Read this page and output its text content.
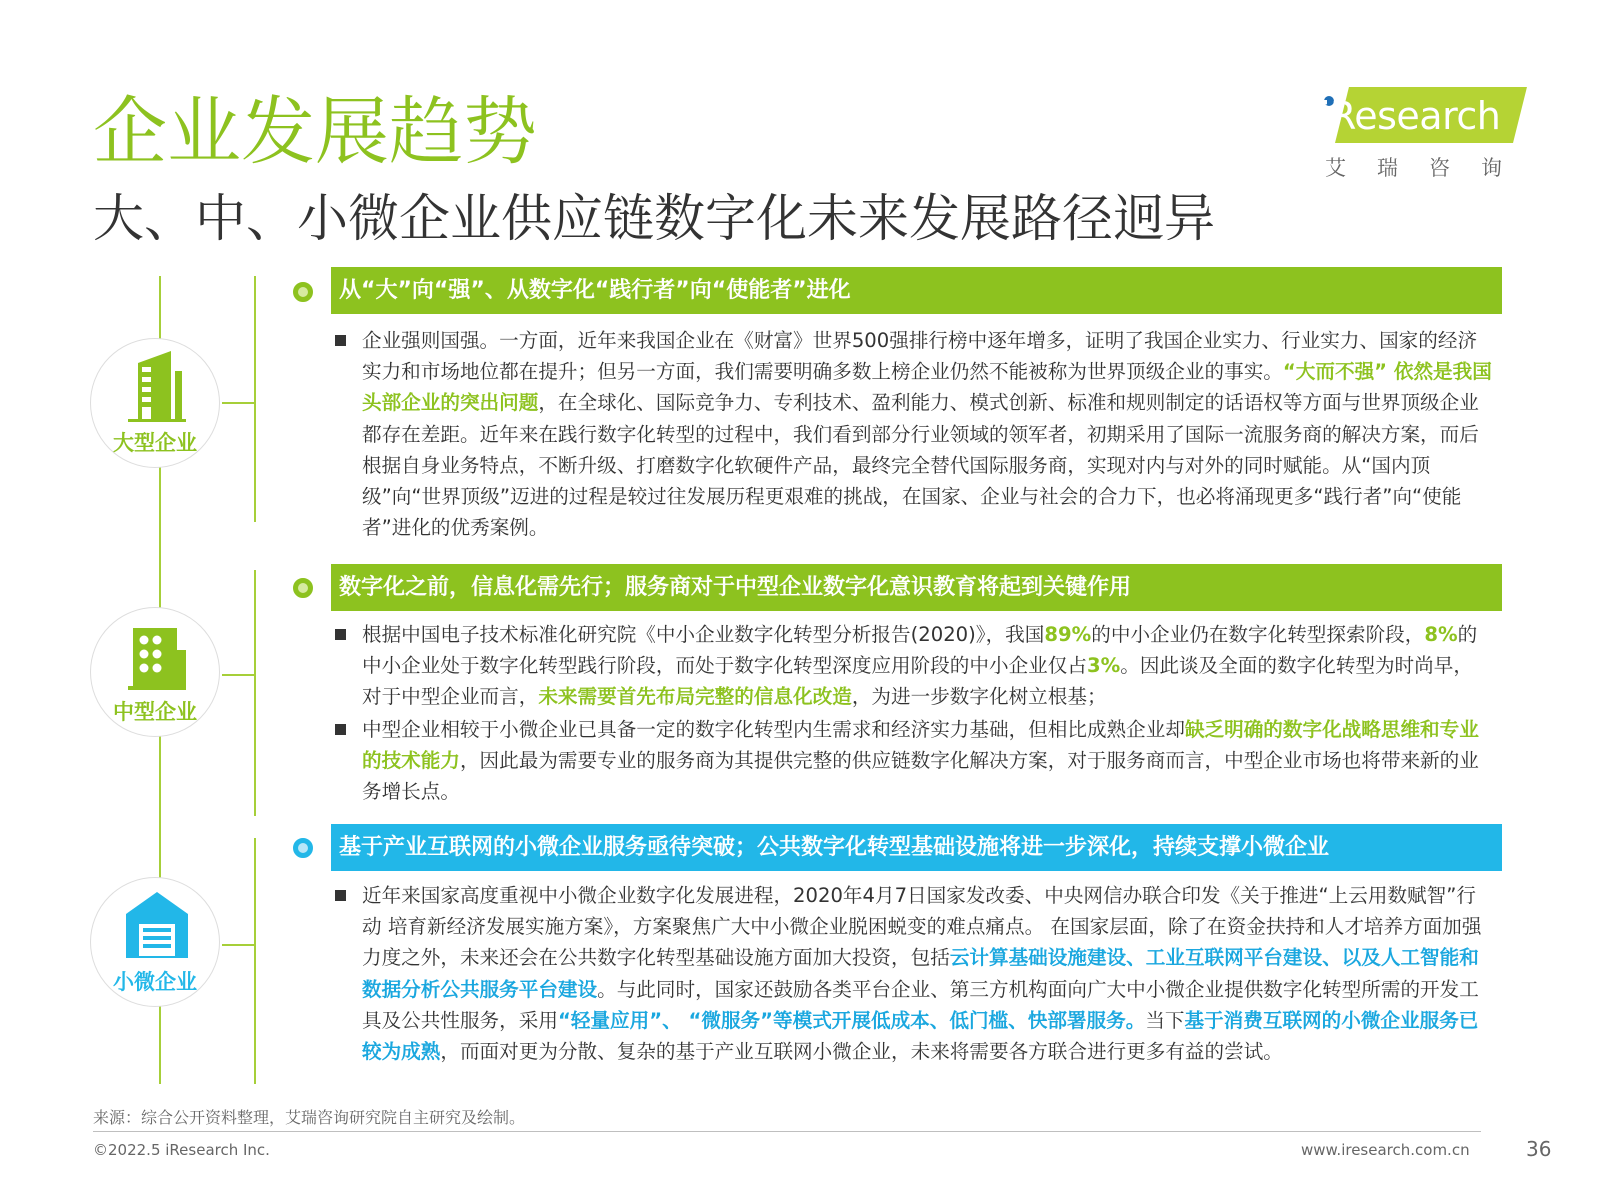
企业发展趋势
大、中、小微企业供应链数字化未来发展路径迥异
iResearch
艾瑞咨询
大型企业
中型企业
小微企业
从“大”向“强”、从数字化“践行者”向“使能者”进化

企业强则国强。一方面，近年来我国企业在《财富》世界500强排行榜中逐年增多，证明了我国企业实力、行业实力、国家的经济实力和市场地位都在提升；但另一方面，我们需要明确多数上榜企业仍然不能被称为世界顶级企业的事实。“大而不强” 依然是我国头部企业的突出问题，在全球化、国际竞争力、专利技术、盈利能力、模式创新、标准和规则制定的话语权等方面与世界顶级企业都存在差距。近年来在践行数字化转型的过程中，我们看到部分行业领域的领军者，初期采用了国际一流服务商的解决方案，而后根据自身业务特点，不断升级、打磨数字化软硬件产品，最终完全替代国际服务商，实现对内与对外的同时赋能。从“国内顶级”向“世界顶级”迈进的过程是较过往发展历程更艰难的挑战，在国家、企业与社会的合力下，也必将涌现更多“践行者”向“使能者”进化的优秀案例。

数字化之前，信息化需先行；服务商对于中型企业数字化意识教育将起到关键作用

根据中国电子技术标准化研究院《中小企业数字化转型分析报告(2020)》，我国89%的中小企业仍在数字化转型探索阶段，8%的中小企业处于数字化转型践行阶段，而处于数字化转型深度应用阶段的中小企业仅占3%。因此谈及全面的数字化转型为时尚早，对于中型企业而言，未来需要首先布局完整的信息化改造，为进一步数字化树立根基；

中型企业相较于小微企业已具备一定的数字化转型内生需求和经济实力基础，但相比成熟企业却缺乏明确的数字化战略思维和专业的技术能力，因此最为需要专业的服务商为其提供完整的供应链数字化解决方案，对于服务商而言，中型企业市场也将带来新的业务增长点。

基于产业互联网的小微企业服务亟待突破；公共数字化转型基础设施将进一步深化，持续支撑小微企业

近年来国家高度重视中小微企业数字化发展进程，2020年4月7日国家发改委、中央网信办联合印发《关于推进“上云用数赋智”行动 培育新经济发展实施方案》，方案聚焦广大中小微企业脱困蜕变的难点痛点。 在国家层面，除了在资金扶持和人才培养方面加强力度之外，未来还会在公共数字化转型基础设施方面加大投资，包括云计算基础设施建设、工业互联网平台建设、以及人工智能和数据分析公共服务平台建设。与此同时，国家还鼓励各类平台企业、第三方机构面向广大中小微企业提供数字化转型所需的开发工具及公共性服务，采用“轻量应用”、 “微服务”等模式开展低成本、低门槛、快部署服务。当下基于消费互联网的小微企业服务已较为成熟，而面对更为分散、复杂的基于产业互联网小微企业，未来将需要各方联合进行更多有益的尝试。

来源：综合公开资料整理，艾瑞咨询研究院自主研究及绘制。
©2022.5 iResearch Inc.	www.iresearch.com.cn	36
